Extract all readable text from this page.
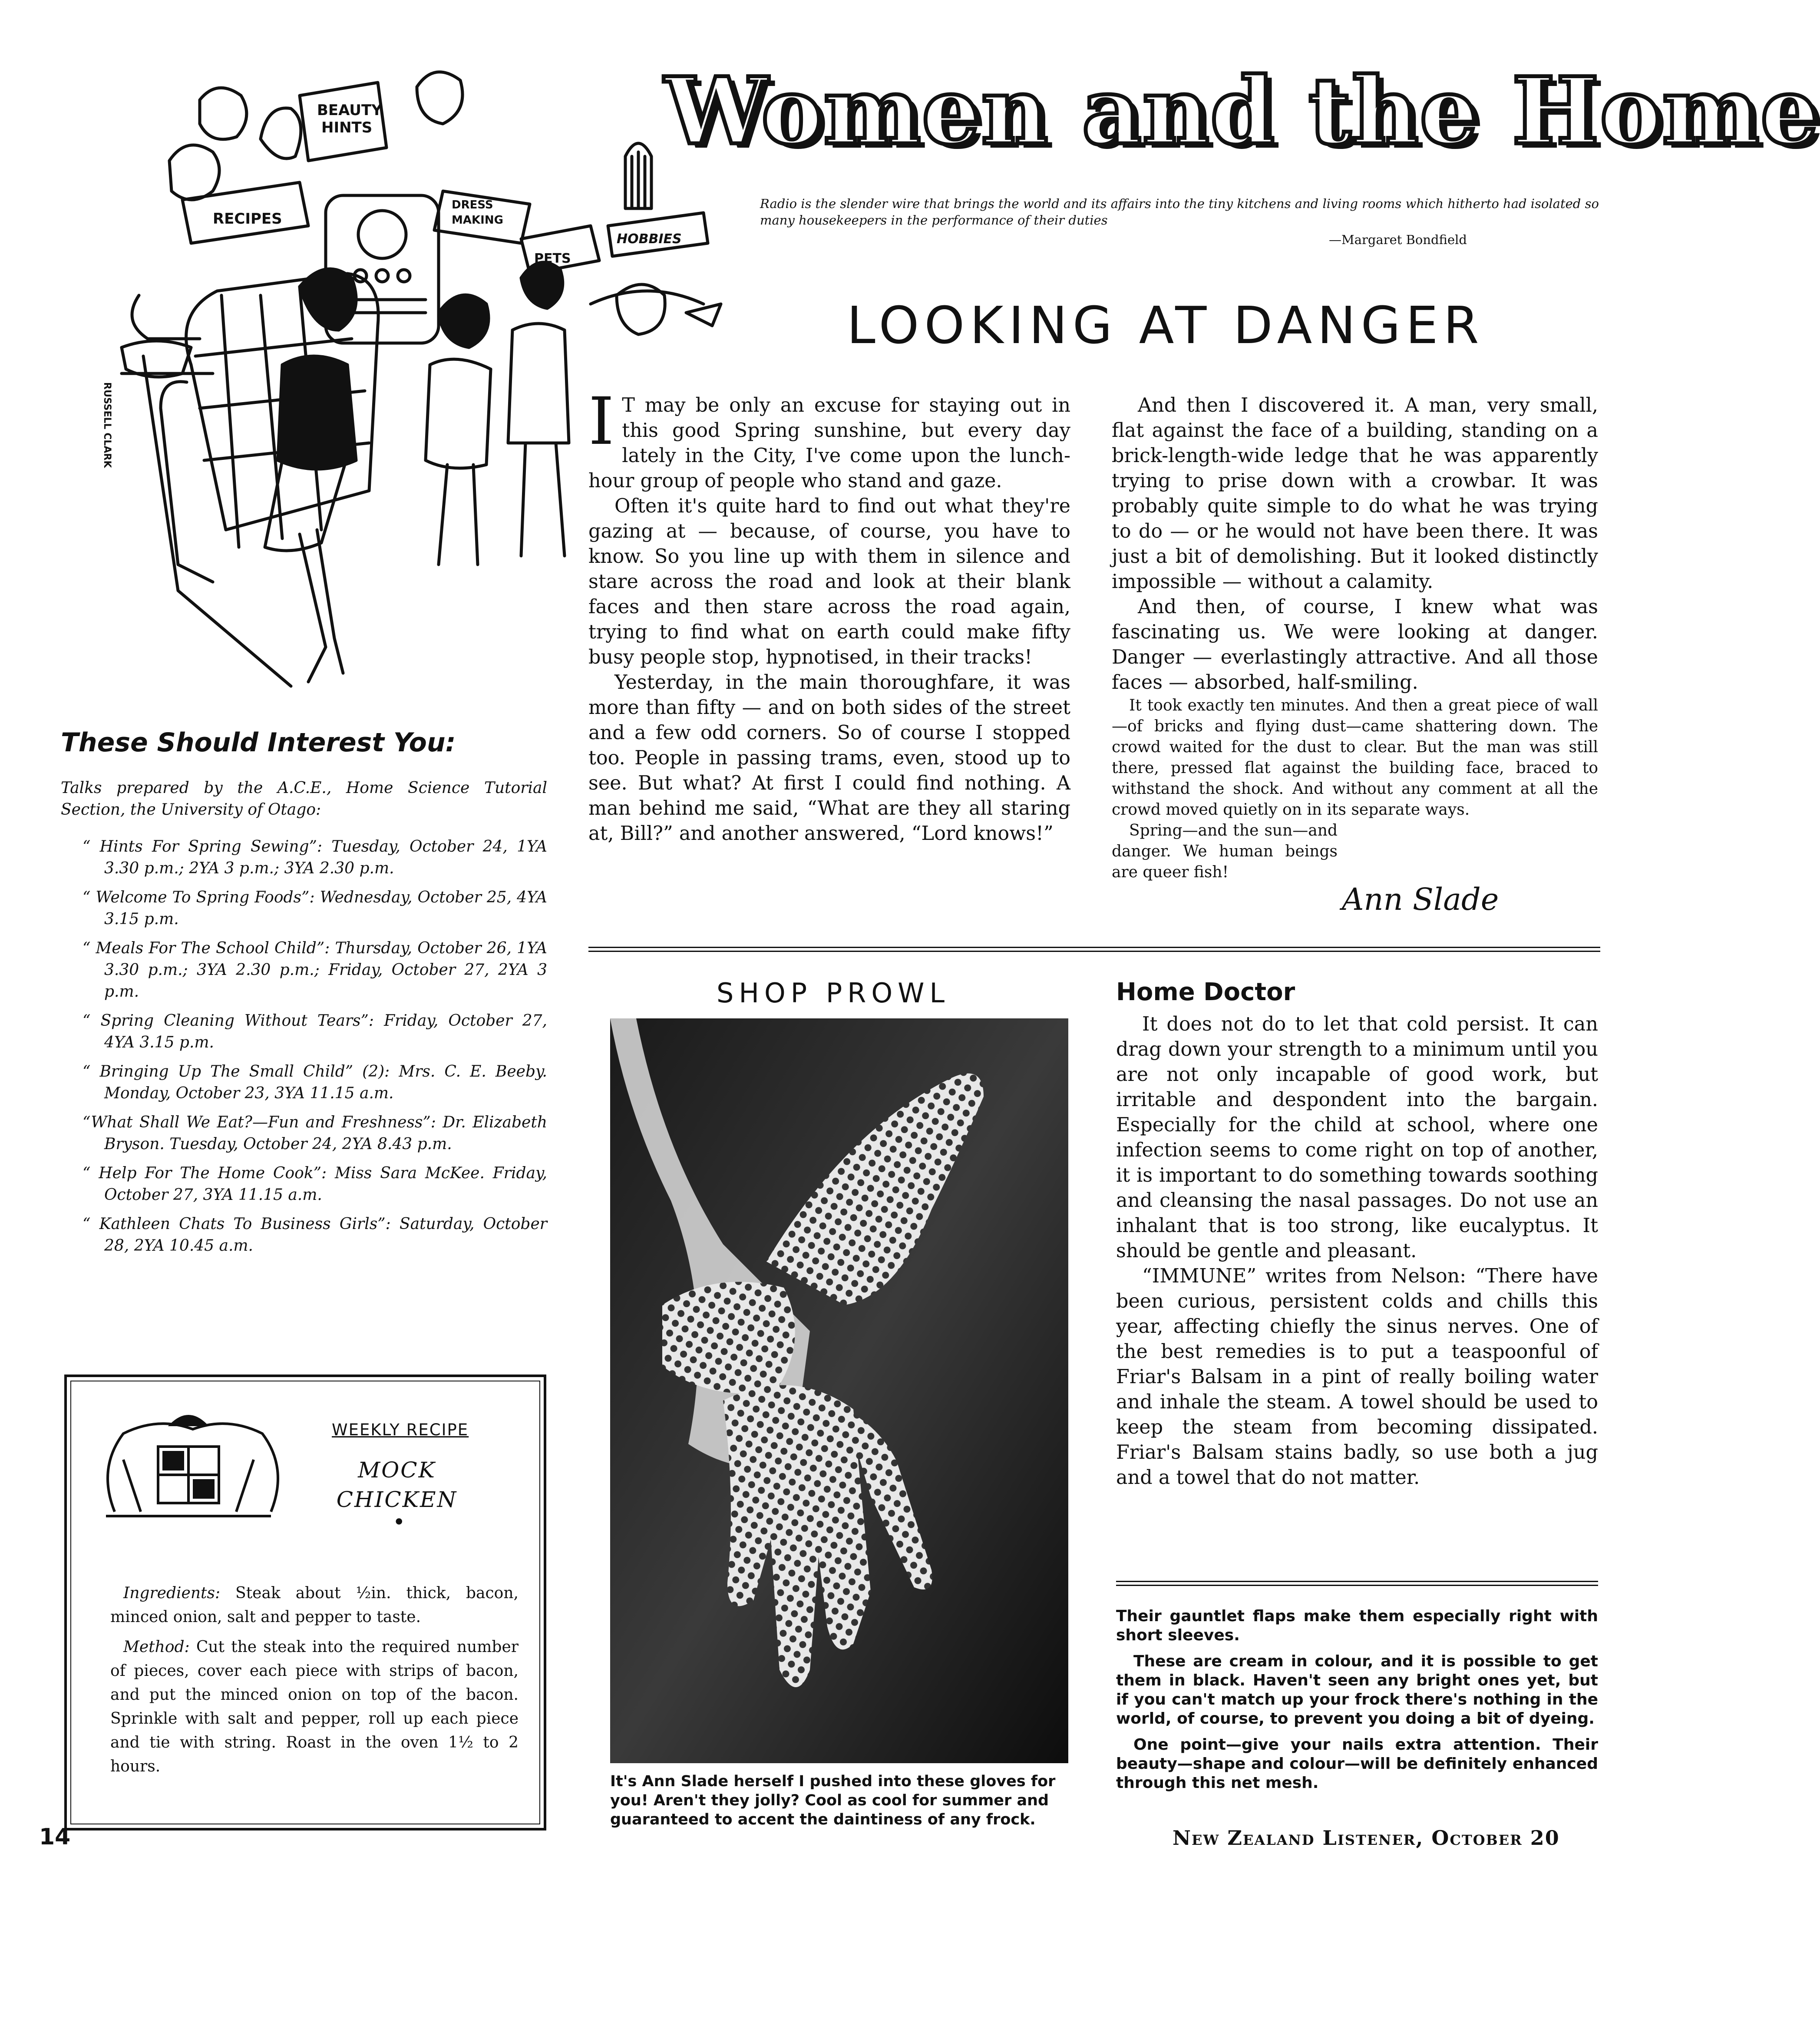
Women and the Home
Radio is the slender wire that brings the world and its affairs into the tiny kitchens and living rooms which hitherto had isolated so many housekeepers in the performance of their duties
—Margaret Bondfield
LOOKING AT DANGER
BEAUTY
HINTS
RECIPES
DRESS
MAKING
PETS
HOBBIES
RUSSELL CLARK	I T may be only an excuse for staying out in this good Spring sunshine, but every day lately in the City, I've come upon the lunch-hour group of people who stand and gaze.

Often it's quite hard to find out what they're gazing at — because, of course, you have to know. So you line up with them in silence and stare across the road and look at their blank faces and then stare across the road again, trying to find what on earth could make fifty busy people stop, hypnotised, in their tracks!

Yesterday, in the main thoroughfare, it was more than fifty — and on both sides of the street and a few odd corners. So of course I stopped too. People in passing trams, even, stood up to see. But what? At first I could find nothing. A man behind me said, “What are they all staring at, Bill?” and another answered, “Lord knows!”

And then I discovered it. A man, very small, flat against the face of a building, standing on a brick-length-wide ledge that he was apparently trying to prise down with a crowbar. It was probably quite simple to do what he was trying to do — or he would not have been there. It was just a bit of demolishing. But it looked distinctly impossible — without a calamity.

And then, of course, I knew what was fascinating us. We were looking at danger. Danger — everlastingly attractive. And all those faces — absorbed, half-smiling.

It took exactly ten minutes. And then a great piece of wall—of bricks and flying dust—came shattering down. The crowd waited for the dust to clear. But the man was still there, pressed flat against the building face, braced to withstand the shock. And without any comment at all the crowd moved quietly on in its separate ways.

Spring—and the sun—and danger. We human beings are queer fish!

Ann Slade
These Should Interest You:
Talks prepared by the A.C.E., Home Science Tutorial Section, the University of Otago:

“ Hints For Spring Sewing”: Tuesday, October 24, 1YA 3.30 p.m.; 2YA 3 p.m.; 3YA 2.30 p.m.

“ Welcome To Spring Foods”: Wednesday, October 25, 4YA 3.15 p.m.

“ Meals For The School Child”: Thursday, October 26, 1YA 3.30 p.m.; 3YA 2.30 p.m.; Friday, October 27, 2YA 3 p.m.

“ Spring Cleaning Without Tears”: Friday, October 27, 4YA 3.15 p.m.

“ Bringing Up The Small Child” (2): Mrs. C. E. Beeby. Monday, October 23, 3YA 11.15 a.m.

“What Shall We Eat?—Fun and Freshness”: Dr. Elizabeth Bryson. Tuesday, October 24, 2YA 8.43 p.m.

“ Help For The Home Cook”: Miss Sara McKee. Friday, October 27, 3YA 11.15 a.m.

“ Kathleen Chats To Business Girls”: Saturday, October 28, 2YA 10.45 a.m.

WEEKLY RECIPE
MOCK
CHICKEN
•

Ingredients: Steak about ½in. thick, bacon, minced onion, salt and pepper to taste.

Method: Cut the steak into the required number of pieces, cover each piece with strips of bacon, and put the minced onion on top of the bacon. Sprinkle with salt and pepper, roll up each piece and tie with string. Roast in the oven 1½ to 2 hours.

SHOP PROWL
It's Ann Slade herself I pushed into these gloves for you! Aren't they jolly? Cool as cool for summer and guaranteed to accent the daintiness of any frock.
Home Doctor

It does not do to let that cold persist. It can drag down your strength to a minimum until you are not only incapable of good work, but irritable and despondent into the bargain. Especially for the child at school, where one infection seems to come right on top of another, it is important to do something towards soothing and cleansing the nasal passages. Do not use an inhalant that is too strong, like eucalyptus. It should be gentle and pleasant.

“IMMUNE” writes from Nelson: “There have been curious, persistent colds and chills this year, affecting chiefly the sinus nerves. One of the best remedies is to put a teaspoonful of Friar's Balsam in a pint of really boiling water and inhale the steam. A towel should be used to keep the steam from becoming dissipated. Friar's Balsam stains badly, so use both a jug and a towel that do not matter.

Their gauntlet flaps make them especially right with short sleeves.

These are cream in colour, and it is possible to get them in black. Haven't seen any bright ones yet, but if you can't match up your frock there's nothing in the world, of course, to prevent you doing a bit of dyeing.

One point—give your nails extra attention. Their beauty—shape and colour—will be definitely enhanced through this net mesh.

14	New Zealand Listener, October 20
